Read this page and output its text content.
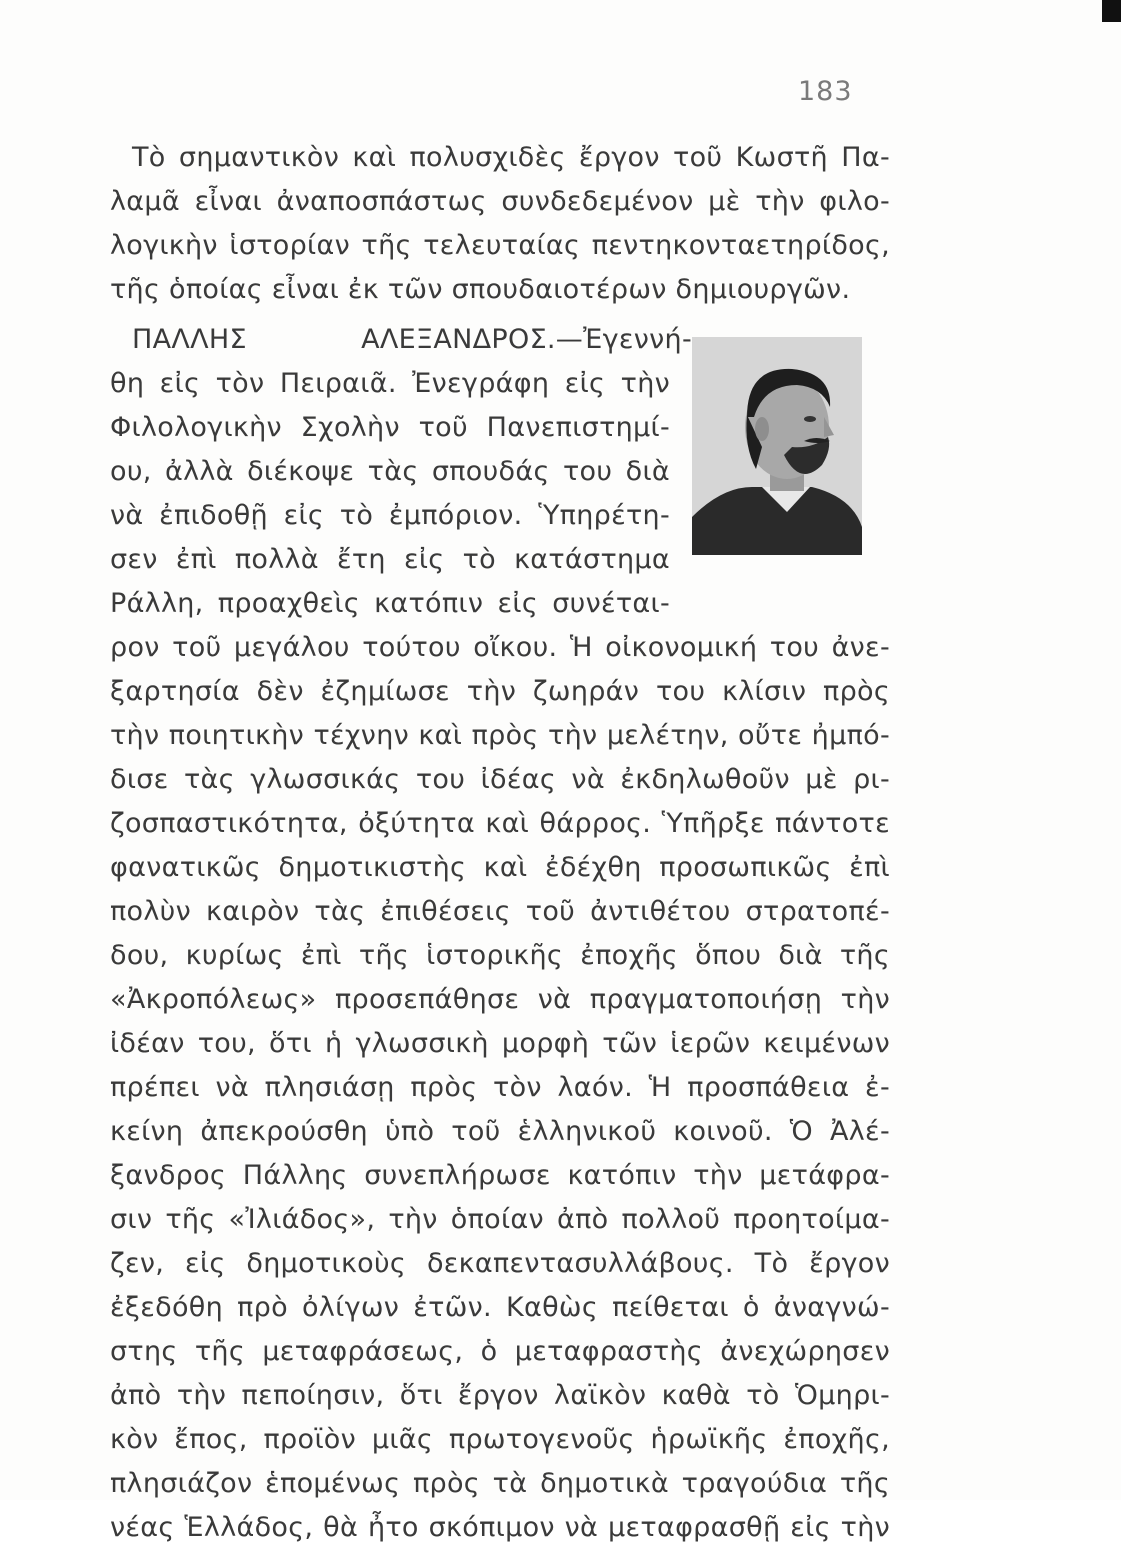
183
Τὸ σημαντικὸν καὶ πολυσχιδὲς ἔργον τοῦ Κωστῆ Πα-
λαμᾶ εἶναι ἀναποσπάστως συνδεδεμένον μὲ τὴν φιλο-
λογικὴν ἱστορίαν τῆς τελευταίας πεντηκονταετηρίδος,
τῆς ὁποίας εἶναι ἐκ τῶν σπουδαιοτέρων δημιουργῶν.
ΠΑΛΛΗΣ ΑΛΕΞΑΝΔΡΟΣ.—Ἐγεννή-
θη εἰς τὸν Πειραιᾶ. Ἐνεγράφη εἰς τὴν
Φιλολογικὴν Σχολὴν τοῦ Πανεπιστημί-
ου, ἀλλὰ διέκοψε τὰς σπουδάς του διὰ
νὰ ἐπιδοθῇ εἰς τὸ ἐμπόριον. Ὑπηρέτη-
σεν ἐπὶ πολλὰ ἔτη εἰς τὸ κατάστημα
Ράλλη, προαχθεὶς κατόπιν εἰς συνέται-
ρον τοῦ μεγάλου τούτου οἴκου. Ἡ οἰκονομική του ἀνε-
ξαρτησία δὲν ἐζημίωσε τὴν ζωηράν του κλίσιν πρὸς
τὴν ποιητικὴν τέχνην καὶ πρὸς τὴν μελέτην, οὔτε ἠμπό-
δισε τὰς γλωσσικάς του ἰδέας νὰ ἐκδηλωθοῦν μὲ ρι-
ζοσπαστικότητα, ὀξύτητα καὶ θάρρος. Ὑπῆρξε πάντοτε
φανατικῶς δημοτικιστὴς καὶ ἐδέχθη προσωπικῶς ἐπὶ
πολὺν καιρὸν τὰς ἐπιθέσεις τοῦ ἀντιθέτου στρατοπέ-
δου, κυρίως ἐπὶ τῆς ἱστορικῆς ἐποχῆς ὅπου διὰ τῆς
«Ἀκροπόλεως» προσεπάθησε νὰ πραγματοποιήσῃ τὴν
ἰδέαν του, ὅτι ἡ γλωσσικὴ μορφὴ τῶν ἱερῶν κειμένων
πρέπει νὰ πλησιάσῃ πρὸς τὸν λαόν. Ἡ προσπάθεια ἐ-
κείνη ἀπεκρούσθη ὑπὸ τοῦ ἑλληνικοῦ κοινοῦ. Ὁ Ἀλέ-
ξανδρος Πάλλης συνεπλήρωσε κατόπιν τὴν μετάφρα-
σιν τῆς «Ἰλιάδος», τὴν ὁποίαν ἀπὸ πολλοῦ προητοίμα-
ζεν, εἰς δημοτικοὺς δεκαπεντασυλλάβους. Τὸ ἔργον
ἐξεδόθη πρὸ ὀλίγων ἐτῶν. Καθὼς πείθεται ὁ ἀναγνώ-
στης τῆς μεταφράσεως, ὁ μεταφραστὴς ἀνεχώρησεν
ἀπὸ τὴν πεποίησιν, ὅτι ἔργον λαϊκὸν καθὰ τὸ Ὁμηρι-
κὸν ἔπος, προϊὸν μιᾶς πρωτογενοῦς ἡρωϊκῆς ἐποχῆς,
πλησιάζον ἑπομένως πρὸς τὰ δημοτικὰ τραγούδια τῆς
νέας Ἑλλάδος, θὰ ἦτο σκόπιμον νὰ μεταφρασθῇ εἰς τὴν
